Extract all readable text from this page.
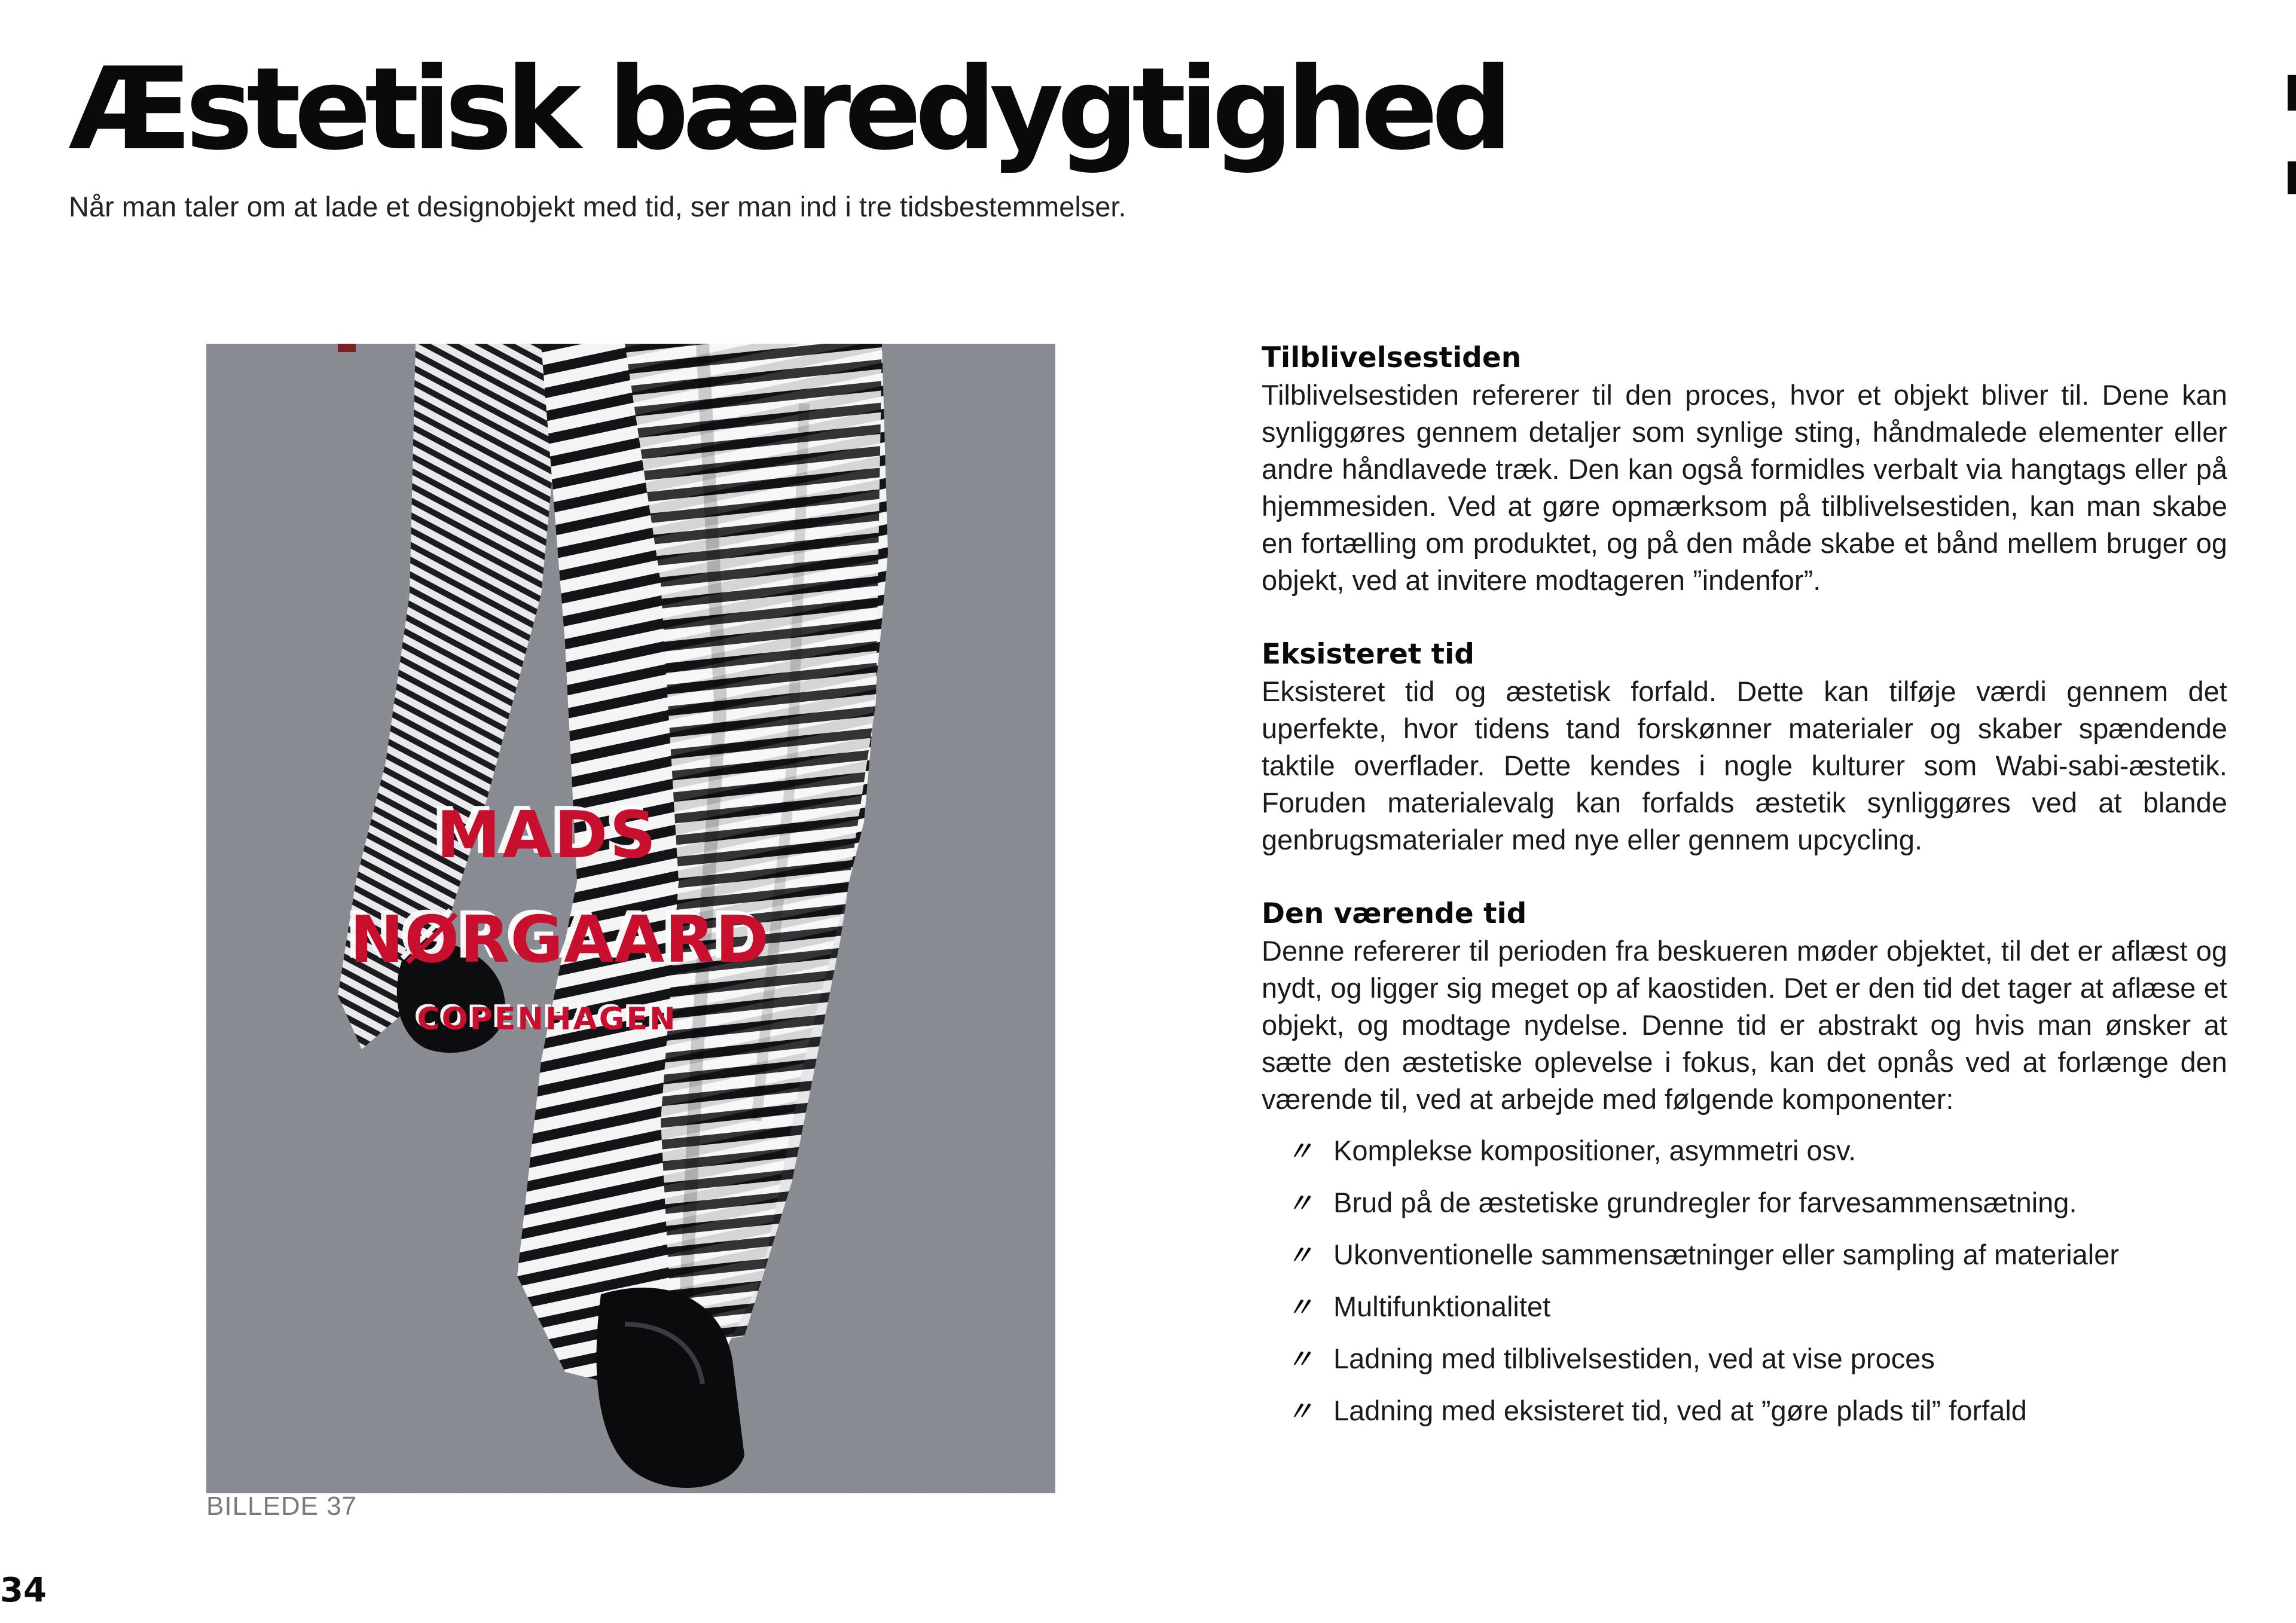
Æstetisk bæredygtighed

Når man taler om at lade et designobjekt med tid, ser man ind i tre tidsbestemmelser.

MADS
NØRGAARD
COPENHAGEN

BILLEDE 37

Tilblivelsestiden

Tilblivelsestiden refererer til den proces, hvor et objekt bliver til. Dene kan synliggøres gennem detaljer som synlige sting, håndmalede elementer eller andre håndlavede træk. Den kan også formidles verbalt via hangtags eller på hjemmesiden. Ved at gøre opmærksom på tilblivelsestiden, kan man skabe en fortælling om produktet, og på den måde skabe et bånd mellem bruger og objekt, ved at invitere modtageren ”indenfor”.

Eksisteret tid

Eksisteret tid og æstetisk forfald. Dette kan tilføje værdi gennem det uperfekte, hvor tidens tand forskønner materialer og skaber spændende taktile overflader. Dette kendes i nogle kulturer som Wabi-sabi-æstetik. Foruden materialevalg kan forfalds æstetik synliggøres ved at blande genbrugsmaterialer med nye eller gennem upcycling.

Den værende tid

Denne refererer til perioden fra beskueren møder objektet, til det er aflæst og nydt, og ligger sig meget op af kaostiden. Det er den tid det tager at aflæse et objekt, og modtage nydelse. Denne tid er abstrakt og hvis man ønsker at sætte den æstetiske oplevelse i fokus, kan det opnås ved at forlænge den værende til, ved at arbejde med følgende komponenter:

〃 Komplekse kompositioner, asymmetri osv.
〃 Brud på de æstetiske grundregler for farvesammensætning.
〃 Ukonventionelle sammensætninger eller sampling af materialer
〃 Multifunktionalitet
〃 Ladning med tilblivelsestiden, ved at vise proces
〃 Ladning med eksisteret tid, ved at ”gøre plads til” forfald

34
